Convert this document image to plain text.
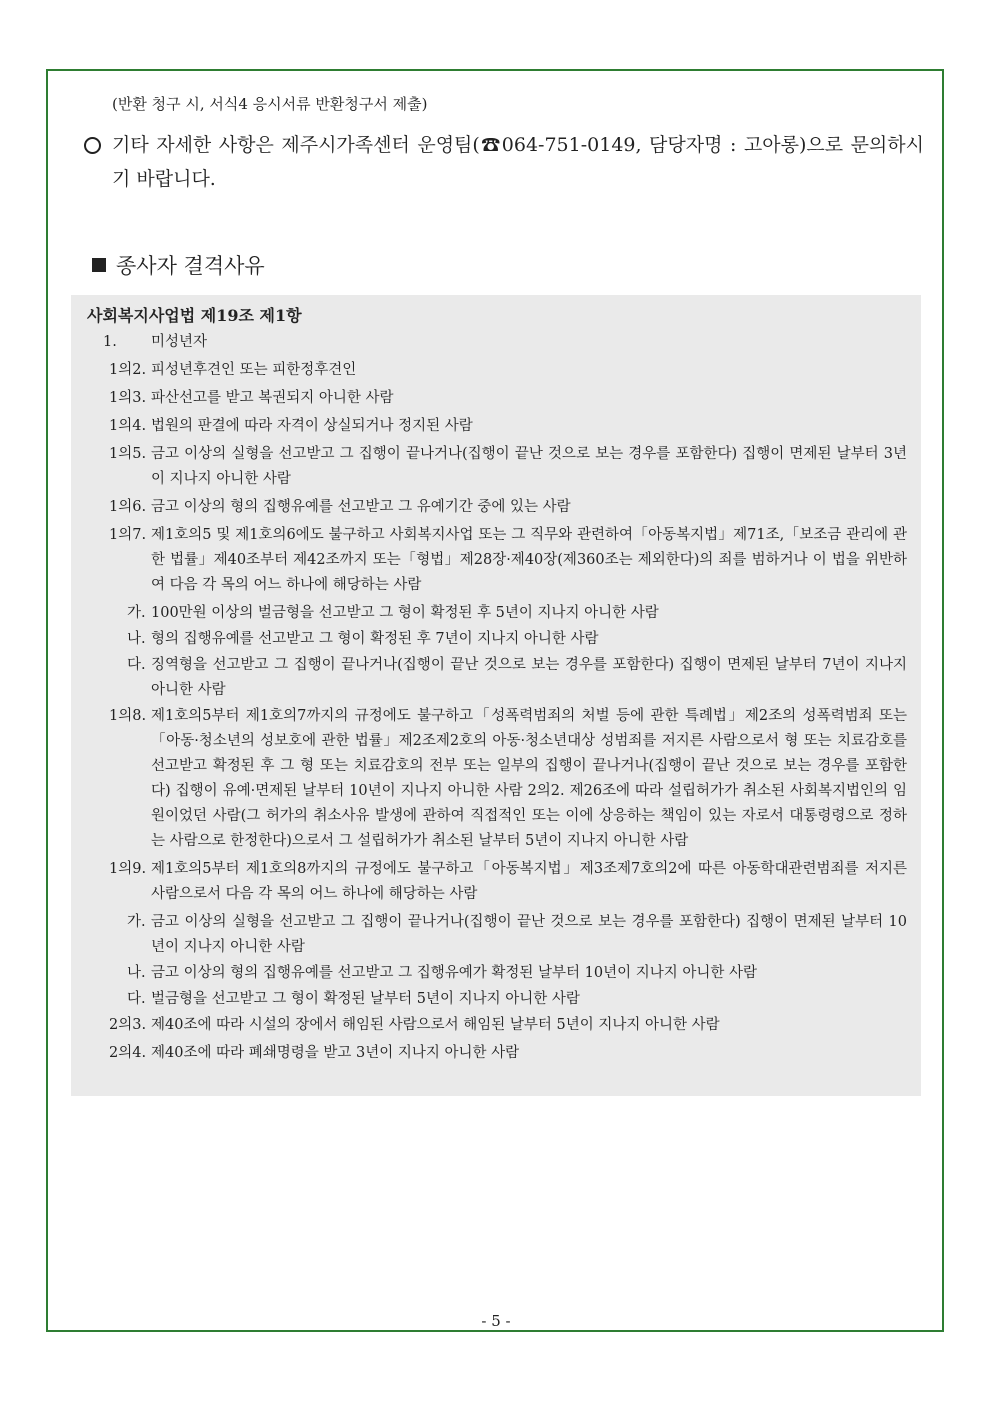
(반환 청구 시, 서식4 응시서류 반환청구서 제출)
기타 자세한 사항은 제주시가족센터 운영팀(☎064-751-0149, 담당자명 : 고아롱)으로 문의하시기 바랍니다.
종사자 결격사유
사회복지사업법 제19조 제1항
1. 미성년자
1의2. 피성년후견인 또는 피한정후견인
1의3. 파산선고를 받고 복권되지 아니한 사람
1의4. 법원의 판결에 따라 자격이 상실되거나 정지된 사람
1의5. 금고 이상의 실형을 선고받고 그 집행이 끝나거나(집행이 끝난 것으로 보는 경우를 포함한다) 집행이 면제된 날부터 3년이 지나지 아니한 사람
1의6. 금고 이상의 형의 집행유예를 선고받고 그 유예기간 중에 있는 사람
1의7. 제1호의5 및 제1호의6에도 불구하고 사회복지사업 또는 그 직무와 관련하여「아동복지법」제71조,「보조금 관리에 관한 법률」제40조부터 제42조까지 또는「형법」제28장·제40장(제360조는 제외한다)의 죄를 범하거나 이 법을 위반하여 다음 각 목의 어느 하나에 해당하는 사람
가. 100만원 이상의 벌금형을 선고받고 그 형이 확정된 후 5년이 지나지 아니한 사람
나. 형의 집행유예를 선고받고 그 형이 확정된 후 7년이 지나지 아니한 사람
다. 징역형을 선고받고 그 집행이 끝나거나(집행이 끝난 것으로 보는 경우를 포함한다) 집행이 면제된 날부터 7년이 지나지 아니한 사람
1의8. 제1호의5부터 제1호의7까지의 규정에도 불구하고「성폭력범죄의 처벌 등에 관한 특례법」제2조의 성폭력범죄 또는「아동·청소년의 성보호에 관한 법률」제2조제2호의 아동·청소년대상 성범죄를 저지른 사람으로서 형 또는 치료감호를 선고받고 확정된 후 그 형 또는 치료감호의 전부 또는 일부의 집행이 끝나거나(집행이 끝난 것으로 보는 경우를 포함한다) 집행이 유예·면제된 날부터 10년이 지나지 아니한 사람 2의2. 제26조에 따라 설립허가가 취소된 사회복지법인의 임원이었던 사람(그 허가의 취소사유 발생에 관하여 직접적인 또는 이에 상응하는 책임이 있는 자로서 대통령령으로 정하는 사람으로 한정한다)으로서 그 설립허가가 취소된 날부터 5년이 지나지 아니한 사람
1의9. 제1호의5부터 제1호의8까지의 규정에도 불구하고「아동복지법」제3조제7호의2에 따른 아동학대관련범죄를 저지른 사람으로서 다음 각 목의 어느 하나에 해당하는 사람
가. 금고 이상의 실형을 선고받고 그 집행이 끝나거나(집행이 끝난 것으로 보는 경우를 포함한다) 집행이 면제된 날부터 10년이 지나지 아니한 사람
나. 금고 이상의 형의 집행유예를 선고받고 그 집행유예가 확정된 날부터 10년이 지나지 아니한 사람
다. 벌금형을 선고받고 그 형이 확정된 날부터 5년이 지나지 아니한 사람
2의3. 제40조에 따라 시설의 장에서 해임된 사람으로서 해임된 날부터 5년이 지나지 아니한 사람
2의4. 제40조에 따라 폐쇄명령을 받고 3년이 지나지 아니한 사람
- 5 -
